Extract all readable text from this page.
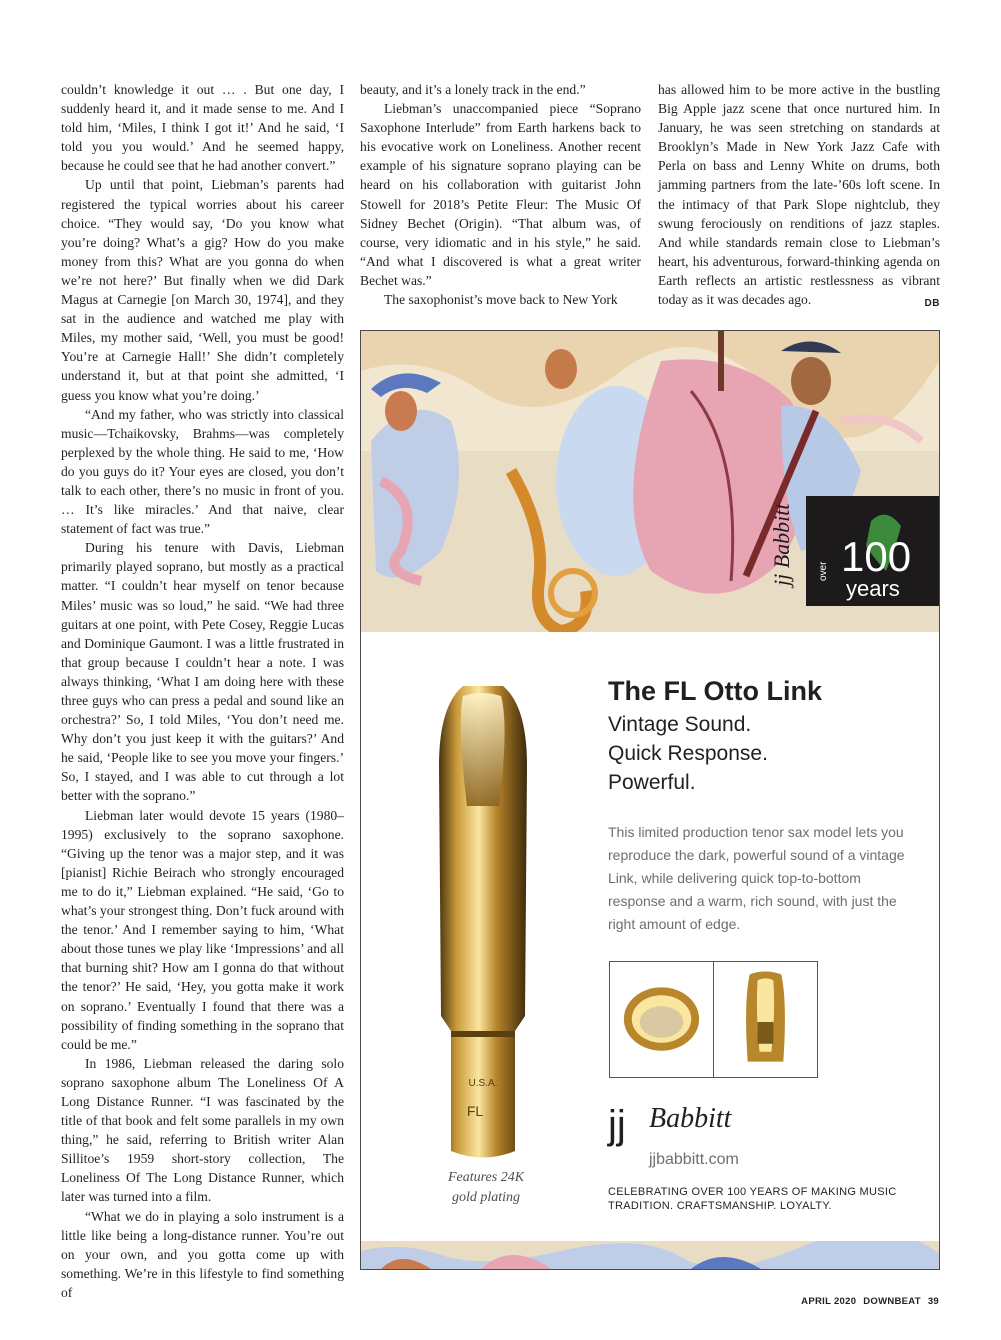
couldn’t knowledge it out … . But one day, I suddenly heard it, and it made sense to me. And I told him, ‘Miles, I think I got it!’ And he said, ‘I told you you would.’ And he seemed happy, because he could see that he had another convert.”

Up until that point, Liebman’s parents had registered the typical worries about his career choice. “They would say, ‘Do you know what you’re doing? What’s a gig? How do you make money from this? What are you gonna do when we’re not here?’ But finally when we did Dark Magus at Carnegie [on March 30, 1974], and they sat in the audience and watched me play with Miles, my mother said, ‘Well, you must be good! You’re at Carnegie Hall!’ She didn’t completely understand it, but at that point she admitted, ‘I guess you know what you’re doing.’

“And my father, who was strictly into classical music—Tchaikovsky, Brahms—was completely perplexed by the whole thing. He said to me, ‘How do you guys do it? Your eyes are closed, you don’t talk to each other, there’s no music in front of you. … It’s like miracles.’ And that naive, clear statement of fact was true.”

During his tenure with Davis, Liebman primarily played soprano, but mostly as a practical matter. “I couldn’t hear myself on tenor because Miles’ music was so loud,” he said. “We had three guitars at one point, with Pete Cosey, Reggie Lucas and Dominique Gaumont. I was a little frustrated in that group because I couldn’t hear a note. I was always thinking, ‘What I am doing here with these three guys who can press a pedal and sound like an orchestra?’ So, I told Miles, ‘You don’t need me. Why don’t you just keep it with the guitars?’ And he said, ‘People like to see you move your fingers.’ So, I stayed, and I was able to cut through a lot better with the soprano.”

Liebman later would devote 15 years (1980–1995) exclusively to the soprano saxophone. “Giving up the tenor was a major step, and it was [pianist] Richie Beirach who strongly encouraged me to do it,” Liebman explained. “He said, ‘Go to what’s your strongest thing. Don’t fuck around with the tenor.’ And I remember saying to him, ‘What about those tunes we play like ‘Impressions’ and all that burning shit? How am I gonna do that without the tenor?’ He said, ‘Hey, you gotta make it work on soprano.’ Eventually I found that there was a possibility of finding something in the soprano that could be me.”

In 1986, Liebman released the daring solo soprano saxophone album The Loneliness Of A Long Distance Runner. “I was fascinated by the title of that book and felt some parallels in my own thing,” he said, referring to British writer Alan Sillitoe’s 1959 short-story collection, The Loneliness Of The Long Distance Runner, which later was turned into a film.

“What we do in playing a solo instrument is a little like being a long-distance runner. You’re out on your own, and you gotta come up with something. We’re in this lifestyle to find something of

beauty, and it’s a lonely track in the end.”

Liebman’s unaccompanied piece “Soprano Saxophone Interlude” from Earth harkens back to his evocative work on Loneliness. Another recent example of his signature soprano playing can be heard on his collaboration with guitarist John Stowell for 2018’s Petite Fleur: The Music Of Sidney Bechet (Origin). “That album was, of course, very idiomatic and in his style,” he said. “And what I discovered is what a great writer Bechet was.”

The saxophonist’s move back to New York

has allowed him to be more active in the bustling Big Apple jazz scene that once nurtured him. In January, he was seen stretching on standards at Brooklyn’s Made in New York Jazz Cafe with Perla on bass and Lenny White on drums, both jamming partners from the late-’60s loft scene. In the intimacy of that Park Slope nightclub, they swung ferociously on renditions of jazz staples. And while standards remain close to Liebman’s heart, his adventurous, forward-thinking agenda on Earth reflects an artistic restlessness as vibrant today as it was decades ago.	DB

over 100
years
jj Babbitt
U.S.A.
FL
Features 24K
gold plating
The FL Otto Link
Vintage Sound.
Quick Response.
Powerful.
This limited production tenor sax model lets you reproduce the dark, powerful sound of a vintage Link, while delivering quick top-to-bottom response and a warm, rich sound, with just the right amount of edge.
jj Babbitt
jjbabbitt.com
CELEBRATING OVER 100 YEARS OF MAKING MUSIC
TRADITION. CRAFTSMANSHIP. LOYALTY.
APRIL 2020 DOWNBEAT 39
